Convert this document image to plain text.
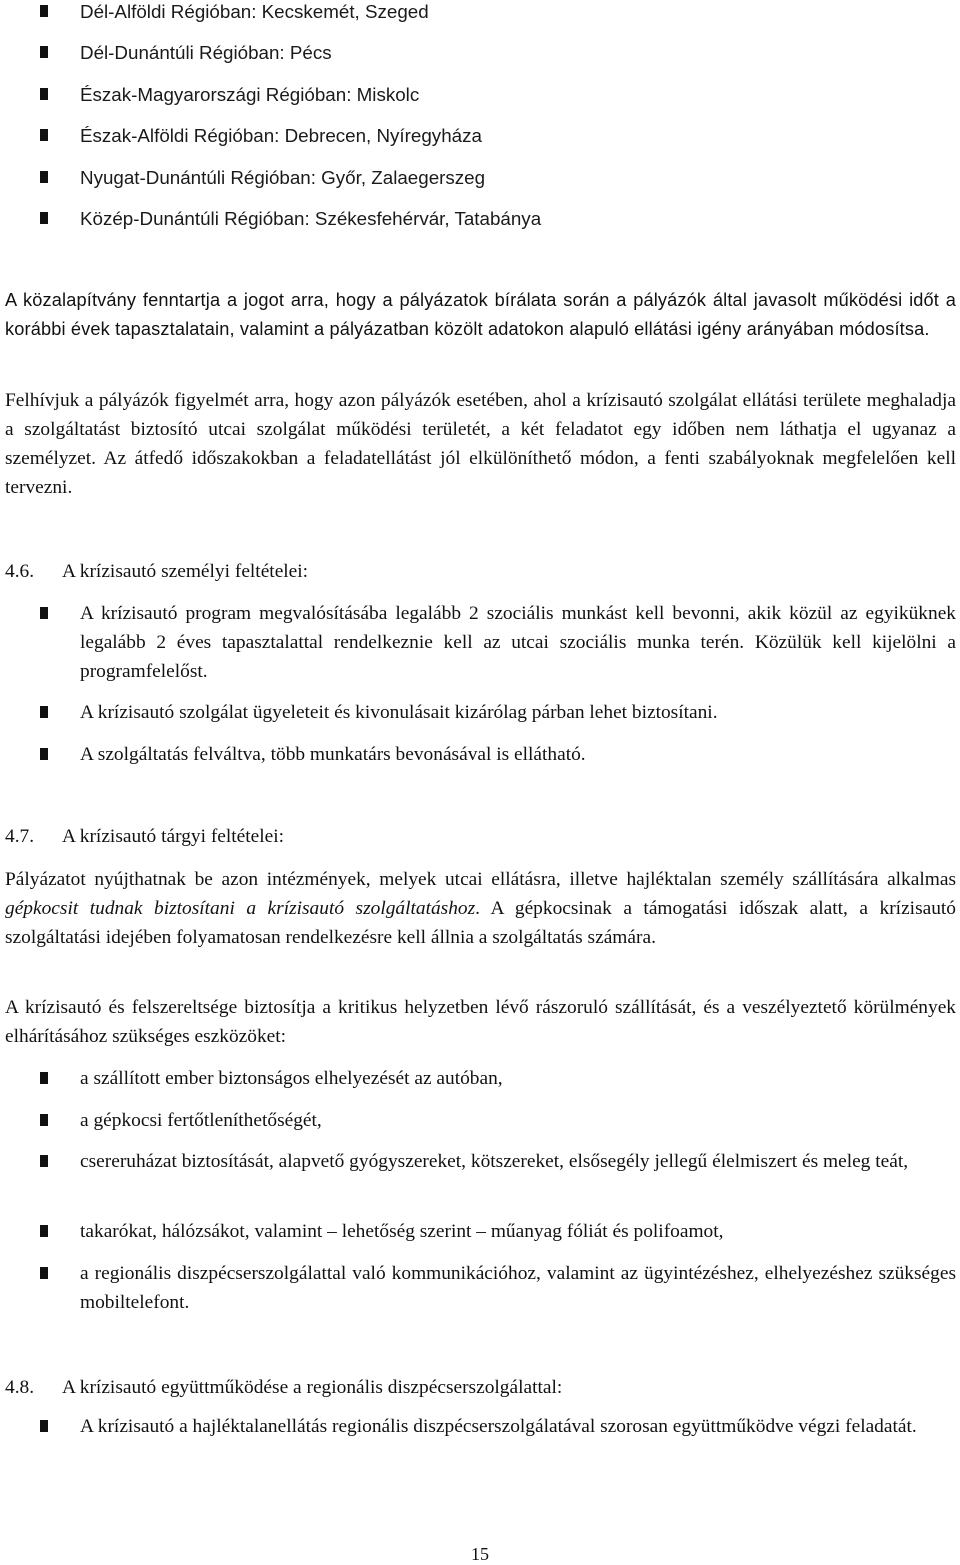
Dél-Alföldi Régióban: Kecskemét, Szeged
Dél-Dunántúli Régióban: Pécs
Észak-Magyarországi Régióban: Miskolc
Észak-Alföldi Régióban: Debrecen, Nyíregyháza
Nyugat-Dunántúli Régióban: Győr, Zalaegerszeg
Közép-Dunántúli Régióban: Székesfehérvár, Tatabánya
A közalapítvány fenntartja a jogot arra, hogy a pályázatok bírálata során a pályázók által javasolt működési időt a korábbi évek tapasztalatain, valamint a pályázatban közölt adatokon alapuló ellátási igény arányában módosítsa.
Felhívjuk a pályázók figyelmét arra, hogy azon pályázók esetében, ahol a krízisautó szolgálat ellátási területe meghaladja a szolgáltatást biztosító utcai szolgálat működési területét, a két feladatot egy időben nem láthatja el ugyanaz a személyzet. Az átfedő időszakokban a feladatellátást jól elkülöníthető módon, a fenti szabályoknak megfelelően kell tervezni.
4.6. A krízisautó személyi feltételei:
A krízisautó program megvalósításába legalább 2 szociális munkást kell bevonni, akik közül az egyiküknek legalább 2 éves tapasztalattal rendelkeznie kell az utcai szociális munka terén. Közülük kell kijelölni a programfelelőst.
A krízisautó szolgálat ügyeleteit és kivonulásait kizárólag párban lehet biztosítani.
A szolgáltatás felváltva, több munkatárs bevonásával is ellátható.
4.7. A krízisautó tárgyi feltételei:
Pályázatot nyújthatnak be azon intézmények, melyek utcai ellátásra, illetve hajléktalan személy szállítására alkalmas gépkocsit tudnak biztosítani a krízisautó szolgáltatáshoz. A gépkocsinak a támogatási időszak alatt, a krízisautó szolgáltatási idejében folyamatosan rendelkezésre kell állnia a szolgáltatás számára.
A krízisautó és felszereltsége biztosítja a kritikus helyzetben lévő rászoruló szállítását, és a veszélyeztető körülmények elhárításához szükséges eszközöket:
a szállított ember biztonságos elhelyezését az autóban,
a gépkocsi fertőtleníthetőségét,
csereruházat biztosítását, alapvető gyógyszereket, kötszereket, elsősegély jellegű élelmiszert és meleg teát,
takarókat, hálózsákot, valamint – lehetőség szerint – műanyag fóliát és polifoamot,
a regionális diszpécserszolgálattal való kommunikációhoz, valamint az ügyintézéshez, elhelyezéshez szükséges mobiltelefont.
4.8. A krízisautó együttműködése a regionális diszpécserszolgálattal:
A krízisautó a hajléktalanellátás regionális diszpécserszolgálatával szorosan együttműködve végzi feladatát.
15
